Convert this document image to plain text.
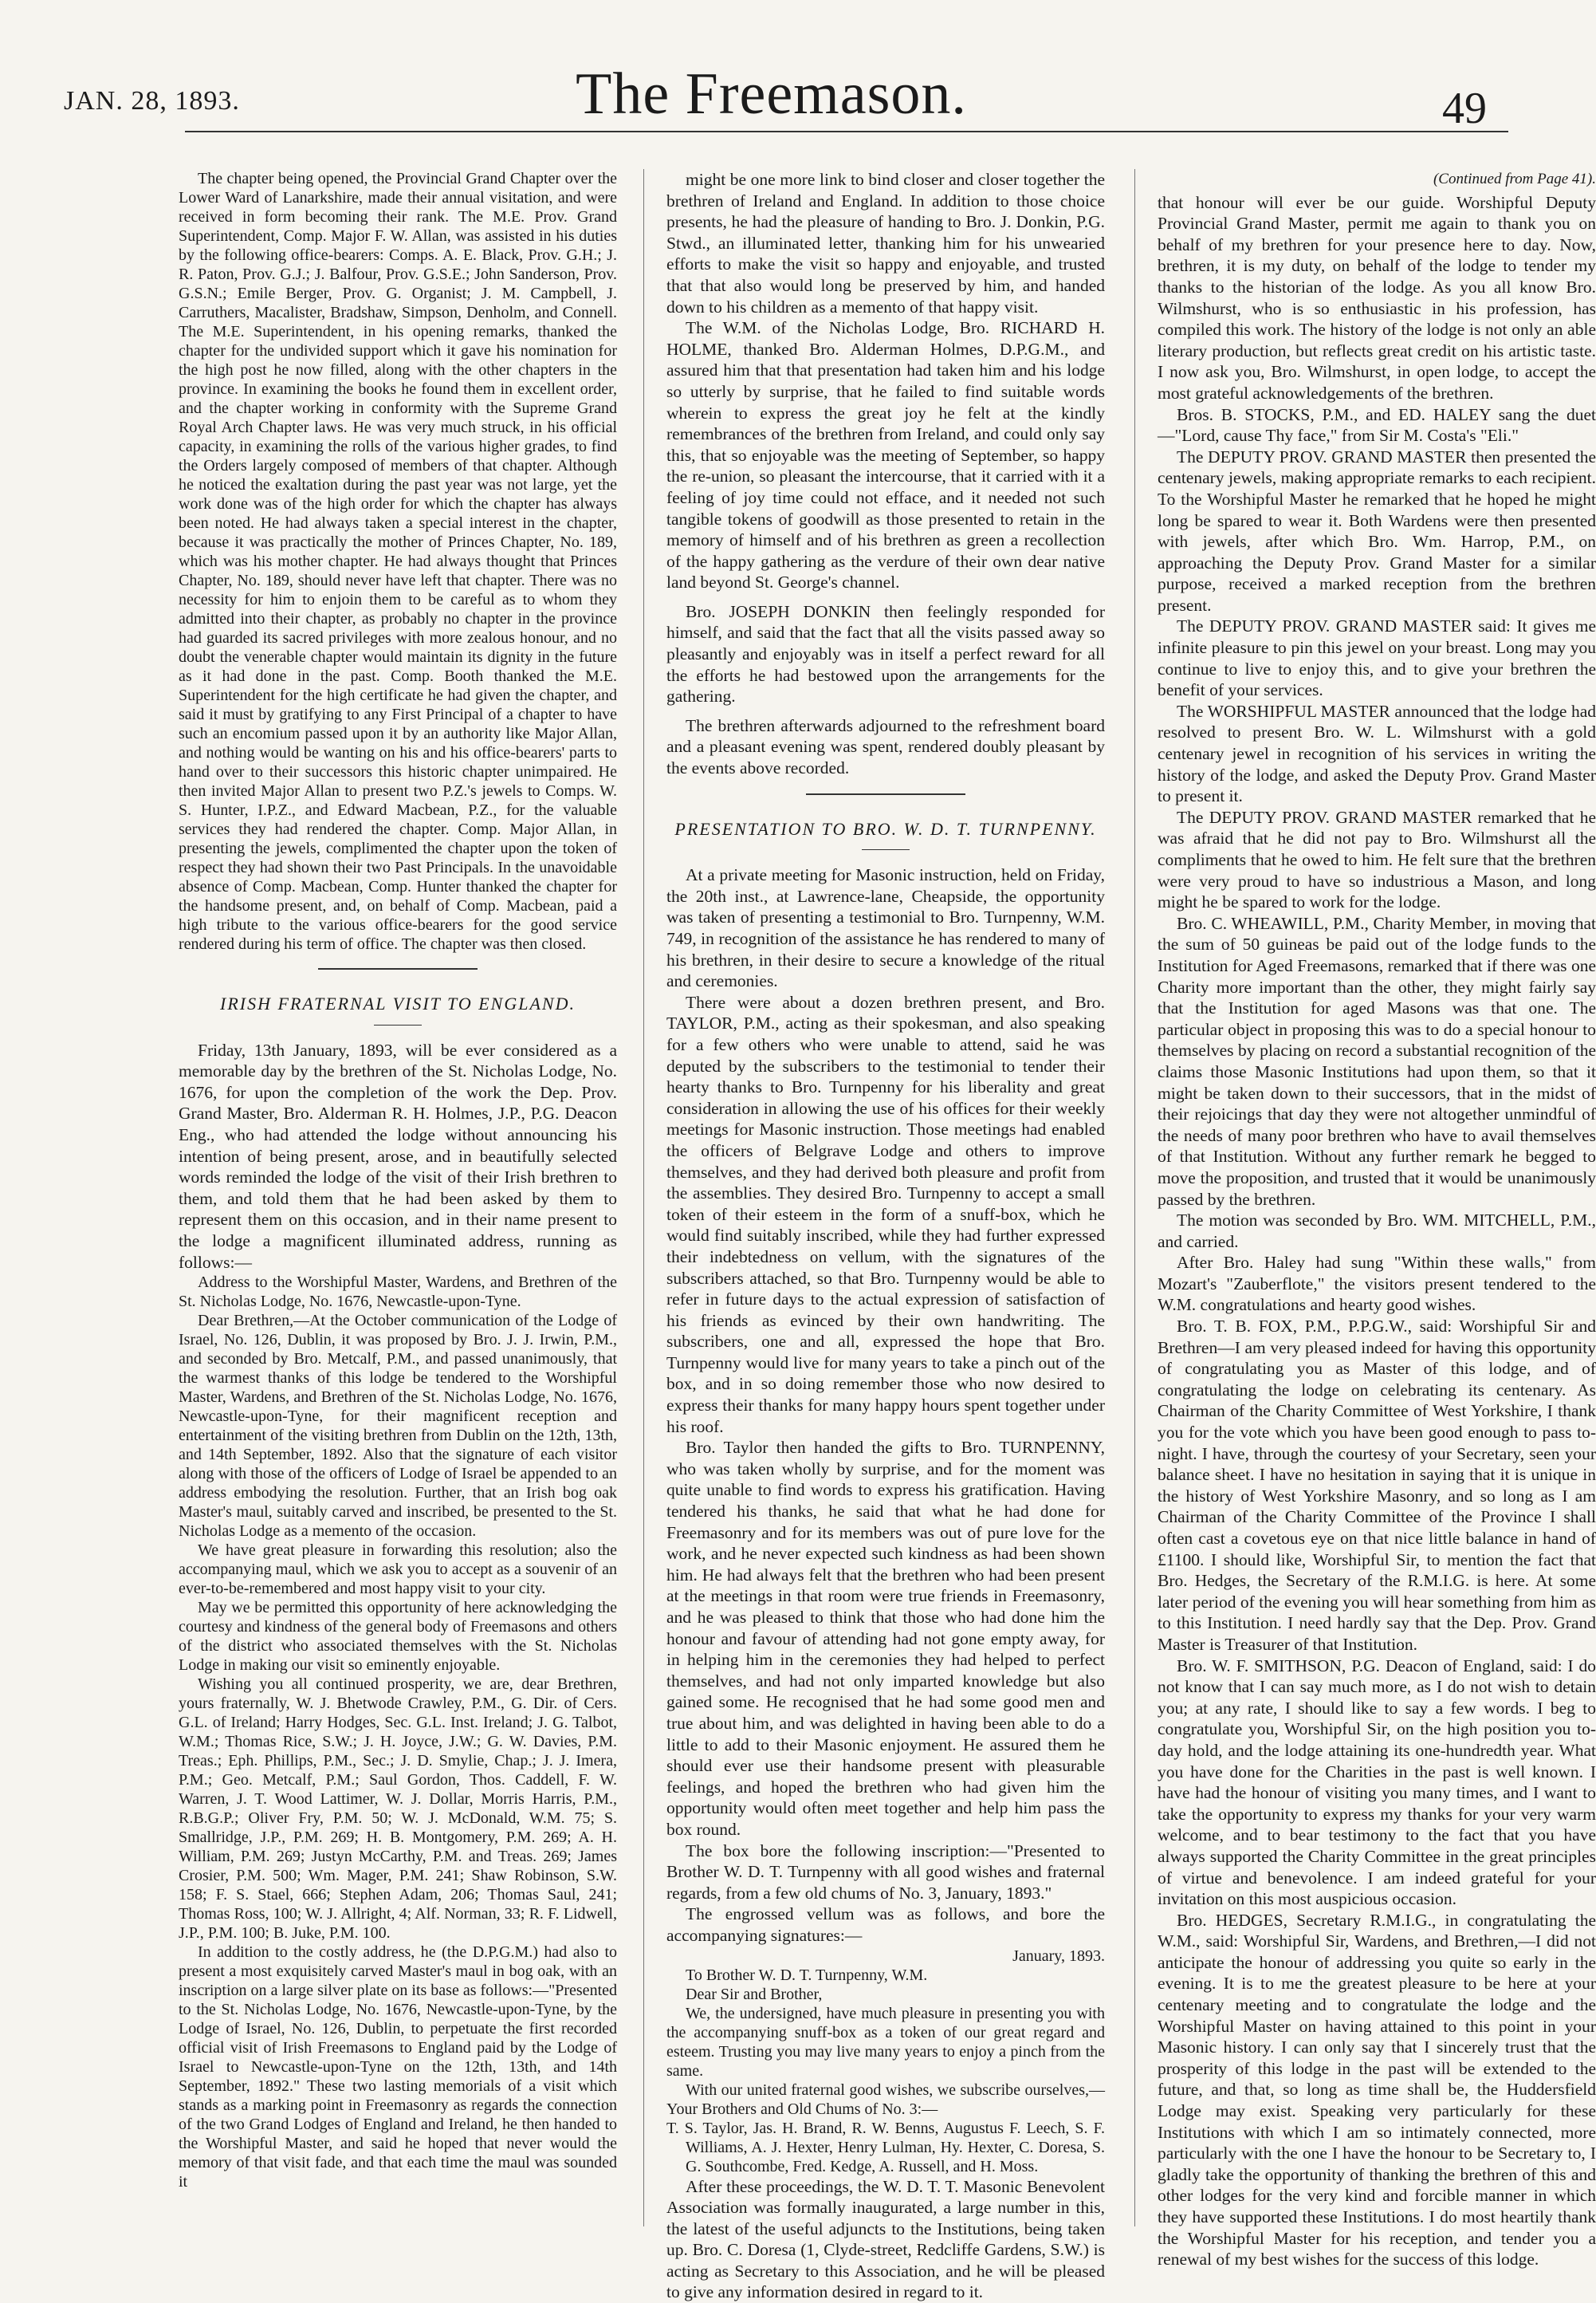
JAN. 28, 1893.	The Freemason.	49

The chapter being opened, the Provincial Grand Chapter over the Lower Ward of Lanarkshire, made their annual visitation, and were received in form becoming their rank. The M.E. Prov. Grand Superintendent, Comp. Major F. W. Allan, was assisted in his duties by the following office-bearers: Comps. A. E. Black, Prov. G.H.; J. R. Paton, Prov. G.J.; J. Balfour, Prov. G.S.E.; John Sanderson, Prov. G.S.N.; Emile Berger, Prov. G. Organist; J. M. Campbell, J. Carruthers, Macalister, Bradshaw, Simpson, Denholm, and Connell. The M.E. Superintendent, in his opening remarks, thanked the chapter for the undivided support which it gave his nomination for the high post he now filled, along with the other chapters in the province. In examining the books he found them in excellent order, and the chapter working in conformity with the Supreme Grand Royal Arch Chapter laws. He was very much struck, in his official capacity, in examining the rolls of the various higher grades, to find the Orders largely composed of members of that chapter. Although he noticed the exaltation during the past year was not large, yet the work done was of the high order for which the chapter has always been noted. He had always taken a special interest in the chapter, because it was practically the mother of Princes Chapter, No. 189, which was his mother chapter. He had always thought that Princes Chapter, No. 189, should never have left that chapter. There was no necessity for him to enjoin them to be careful as to whom they admitted into their chapter, as probably no chapter in the province had guarded its sacred privileges with more zealous honour, and no doubt the venerable chapter would maintain its dignity in the future as it had done in the past. Comp. Booth thanked the M.E. Superintendent for the high certificate he had given the chapter, and said it must by gratifying to any First Principal of a chapter to have such an encomium passed upon it by an authority like Major Allan, and nothing would be wanting on his and his office-bearers' parts to hand over to their successors this historic chapter unimpaired. He then invited Major Allan to present two P.Z.'s jewels to Comps. W. S. Hunter, I.P.Z., and Edward Macbean, P.Z., for the valuable services they had rendered the chapter. Comp. Major Allan, in presenting the jewels, complimented the chapter upon the token of respect they had shown their two Past Principals. In the unavoidable absence of Comp. Macbean, Comp. Hunter thanked the chapter for the handsome present, and, on behalf of Comp. Macbean, paid a high tribute to the various office-bearers for the good service rendered during his term of office. The chapter was then closed.

IRISH FRATERNAL VISIT TO ENGLAND.

Friday, 13th January, 1893, will be ever considered as a memorable day by the brethren of the St. Nicholas Lodge, No. 1676, for upon the completion of the work the Dep. Prov. Grand Master, Bro. Alderman R. H. Holmes, J.P., P.G. Deacon Eng., who had attended the lodge without announcing his intention of being present, arose, and in beautifully selected words reminded the lodge of the visit of their Irish brethren to them, and told them that he had been asked by them to represent them on this occasion, and in their name present to the lodge a magnificent illuminated address, running as follows:—

Address to the Worshipful Master, Wardens, and Brethren of the St. Nicholas Lodge, No. 1676, Newcastle-upon-Tyne.

Dear Brethren,—At the October communication of the Lodge of Israel, No. 126, Dublin, it was proposed by Bro. J. J. Irwin, P.M., and seconded by Bro. Metcalf, P.M., and passed unanimously, that the warmest thanks of this lodge be tendered to the Worshipful Master, Wardens, and Brethren of the St. Nicholas Lodge, No. 1676, Newcastle-upon-Tyne, for their magnificent reception and entertainment of the visiting brethren from Dublin on the 12th, 13th, and 14th September, 1892. Also that the signature of each visitor along with those of the officers of Lodge of Israel be appended to an address embodying the resolution. Further, that an Irish bog oak Master's maul, suitably carved and inscribed, be presented to the St. Nicholas Lodge as a memento of the occasion.

We have great pleasure in forwarding this resolution; also the accompanying maul, which we ask you to accept as a souvenir of an ever-to-be-remembered and most happy visit to your city.

May we be permitted this opportunity of here acknowledging the courtesy and kindness of the general body of Freemasons and others of the district who associated themselves with the St. Nicholas Lodge in making our visit so eminently enjoyable.

Wishing you all continued prosperity, we are, dear Brethren, yours fraternally, W. J. Bhetwode Crawley, P.M., G. Dir. of Cers. G.L. of Ireland; Harry Hodges, Sec. G.L. Inst. Ireland; J. G. Talbot, W.M.; Thomas Rice, S.W.; J. H. Joyce, J.W.; G. W. Davies, P.M. Treas.; Eph. Phillips, P.M., Sec.; J. D. Smylie, Chap.; J. J. Imera, P.M.; Geo. Metcalf, P.M.; Saul Gordon, Thos. Caddell, F. W. Warren, J. T. Wood Lattimer, W. J. Dollar, Morris Harris, P.M., R.B.G.P.; Oliver Fry, P.M. 50; W. J. McDonald, W.M. 75; S. Smallridge, J.P., P.M. 269; H. B. Montgomery, P.M. 269; A. H. William, P.M. 269; Justyn McCarthy, P.M. and Treas. 269; James Crosier, P.M. 500; Wm. Mager, P.M. 241; Shaw Robinson, S.W. 158; F. S. Stael, 666; Stephen Adam, 206; Thomas Saul, 241; Thomas Ross, 100; W. J. Allright, 4; Alf. Norman, 33; R. F. Lidwell, J.P., P.M. 100; B. Juke, P.M. 100.

In addition to the costly address, he (the D.P.G.M.) had also to present a most exquisitely carved Master's maul in bog oak, with an inscription on a large silver plate on its base as follows:—"Presented to the St. Nicholas Lodge, No. 1676, Newcastle-upon-Tyne, by the Lodge of Israel, No. 126, Dublin, to perpetuate the first recorded official visit of Irish Freemasons to England paid by the Lodge of Israel to Newcastle-upon-Tyne on the 12th, 13th, and 14th September, 1892." These two lasting memorials of a visit which stands as a marking point in Freemasonry as regards the connection of the two Grand Lodges of England and Ireland, he then handed to the Worshipful Master, and said he hoped that never would the memory of that visit fade, and that each time the maul was sounded it

might be one more link to bind closer and closer together the brethren of Ireland and England. In addition to those choice presents, he had the pleasure of handing to Bro. J. Donkin, P.G. Stwd., an illuminated letter, thanking him for his unwearied efforts to make the visit so happy and enjoyable, and trusted that that also would long be preserved by him, and handed down to his children as a memento of that happy visit.

The W.M. of the Nicholas Lodge, Bro. RICHARD H. HOLME, thanked Bro. Alderman Holmes, D.P.G.M., and assured him that that presentation had taken him and his lodge so utterly by surprise, that he failed to find suitable words wherein to express the great joy he felt at the kindly remembrances of the brethren from Ireland, and could only say this, that so enjoyable was the meeting of September, so happy the re-union, so pleasant the intercourse, that it carried with it a feeling of joy time could not efface, and it needed not such tangible tokens of goodwill as those presented to retain in the memory of himself and of his brethren as green a recollection of the happy gathering as the verdure of their own dear native land beyond St. George's channel.

Bro. JOSEPH DONKIN then feelingly responded for himself, and said that the fact that all the visits passed away so pleasantly and enjoyably was in itself a perfect reward for all the efforts he had bestowed upon the arrangements for the gathering.

The brethren afterwards adjourned to the refreshment board and a pleasant evening was spent, rendered doubly pleasant by the events above recorded.

PRESENTATION TO BRO. W. D. T. TURNPENNY.

At a private meeting for Masonic instruction, held on Friday, the 20th inst., at Lawrence-lane, Cheapside, the opportunity was taken of presenting a testimonial to Bro. Turnpenny, W.M. 749, in recognition of the assistance he has rendered to many of his brethren, in their desire to secure a knowledge of the ritual and ceremonies.

There were about a dozen brethren present, and Bro. TAYLOR, P.M., acting as their spokesman, and also speaking for a few others who were unable to attend, said he was deputed by the subscribers to the testimonial to tender their hearty thanks to Bro. Turnpenny for his liberality and great consideration in allowing the use of his offices for their weekly meetings for Masonic instruction. Those meetings had enabled the officers of Belgrave Lodge and others to improve themselves, and they had derived both pleasure and profit from the assemblies. They desired Bro. Turnpenny to accept a small token of their esteem in the form of a snuff-box, which he would find suitably inscribed, while they had further expressed their indebtedness on vellum, with the signatures of the subscribers attached, so that Bro. Turnpenny would be able to refer in future days to the actual expression of satisfaction of his friends as evinced by their own handwriting. The subscribers, one and all, expressed the hope that Bro. Turnpenny would live for many years to take a pinch out of the box, and in so doing remember those who now desired to express their thanks for many happy hours spent together under his roof.

Bro. Taylor then handed the gifts to Bro. TURNPENNY, who was taken wholly by surprise, and for the moment was quite unable to find words to express his gratification. Having tendered his thanks, he said that what he had done for Freemasonry and for its members was out of pure love for the work, and he never expected such kindness as had been shown him. He had always felt that the brethren who had been present at the meetings in that room were true friends in Freemasonry, and he was pleased to think that those who had done him the honour and favour of attending had not gone empty away, for in helping him in the ceremonies they had helped to perfect themselves, and had not only imparted knowledge but also gained some. He recognised that he had some good men and true about him, and was delighted in having been able to do a little to add to their Masonic enjoyment. He assured them he should ever use their handsome present with pleasurable feelings, and hoped the brethren who had given him the opportunity would often meet together and help him pass the box round.

The box bore the following inscription:—"Presented to Brother W. D. T. Turnpenny with all good wishes and fraternal regards, from a few old chums of No. 3, January, 1893."

The engrossed vellum was as follows, and bore the accompanying signatures:—

January, 1893.

To Brother W. D. T. Turnpenny, W.M.

Dear Sir and Brother,

We, the undersigned, have much pleasure in presenting you with the accompanying snuff-box as a token of our great regard and esteem. Trusting you may live many years to enjoy a pinch from the same.

With our united fraternal good wishes, we subscribe ourselves,—Your Brothers and Old Chums of No. 3:—

T. S. Taylor, Jas. H. Brand, R. W. Benns, Augustus F. Leech, S. F. Williams, A. J. Hexter, Henry Lulman, Hy. Hexter, C. Doresa, S. G. Southcombe, Fred. Kedge, A. Russell, and H. Moss.

After these proceedings, the W. D. T. T. Masonic Benevolent Association was formally inaugurated, a large number in this, the latest of the useful adjuncts to the Institutions, being taken up. Bro. C. Doresa (1, Clyde-street, Redcliffe Gardens, S.W.) is acting as Secretary to this Association, and he will be pleased to give any information desired in regard to it.

(Continued from Page 41).

that honour will ever be our guide. Worshipful Deputy Provincial Grand Master, permit me again to thank you on behalf of my brethren for your presence here to day. Now, brethren, it is my duty, on behalf of the lodge to tender my thanks to the historian of the lodge. As you all know Bro. Wilmshurst, who is so enthusiastic in his profession, has compiled this work. The history of the lodge is not only an able literary production, but reflects great credit on his artistic taste. I now ask you, Bro. Wilmshurst, in open lodge, to accept the most grateful acknowledgements of the brethren.

Bros. B. STOCKS, P.M., and ED. HALEY sang the duet —"Lord, cause Thy face," from Sir M. Costa's "Eli."

The DEPUTY PROV. GRAND MASTER then presented the centenary jewels, making appropriate remarks to each recipient. To the Worshipful Master he remarked that he hoped he might long be spared to wear it. Both Wardens were then presented with jewels, after which Bro. Wm. Harrop, P.M., on approaching the Deputy Prov. Grand Master for a similar purpose, received a marked reception from the brethren present.

The DEPUTY PROV. GRAND MASTER said: It gives me infinite pleasure to pin this jewel on your breast. Long may you continue to live to enjoy this, and to give your brethren the benefit of your services.

The WORSHIPFUL MASTER announced that the lodge had resolved to present Bro. W. L. Wilmshurst with a gold centenary jewel in recognition of his services in writing the history of the lodge, and asked the Deputy Prov. Grand Master to present it.

The DEPUTY PROV. GRAND MASTER remarked that he was afraid that he did not pay to Bro. Wilmshurst all the compliments that he owed to him. He felt sure that the brethren were very proud to have so industrious a Mason, and long might he be spared to work for the lodge.

Bro. C. WHEAWILL, P.M., Charity Member, in moving that the sum of 50 guineas be paid out of the lodge funds to the Institution for Aged Freemasons, remarked that if there was one Charity more important than the other, they might fairly say that the Institution for aged Masons was that one. The particular object in proposing this was to do a special honour to themselves by placing on record a substantial recognition of the claims those Masonic Institutions had upon them, so that it might be taken down to their successors, that in the midst of their rejoicings that day they were not altogether unmindful of the needs of many poor brethren who have to avail themselves of that Institution. Without any further remark he begged to move the proposition, and trusted that it would be unanimously passed by the brethren.

The motion was seconded by Bro. WM. MITCHELL, P.M., and carried.

After Bro. Haley had sung "Within these walls," from Mozart's "Zauberflote," the visitors present tendered to the W.M. congratulations and hearty good wishes.

Bro. T. B. FOX, P.M., P.P.G.W., said: Worshipful Sir and Brethren—I am very pleased indeed for having this opportunity of congratulating you as Master of this lodge, and of congratulating the lodge on celebrating its centenary. As Chairman of the Charity Committee of West Yorkshire, I thank you for the vote which you have been good enough to pass to-night. I have, through the courtesy of your Secretary, seen your balance sheet. I have no hesitation in saying that it is unique in the history of West Yorkshire Masonry, and so long as I am Chairman of the Charity Committee of the Province I shall often cast a covetous eye on that nice little balance in hand of £1100. I should like, Worshipful Sir, to mention the fact that Bro. Hedges, the Secretary of the R.M.I.G. is here. At some later period of the evening you will hear something from him as to this Institution. I need hardly say that the Dep. Prov. Grand Master is Treasurer of that Institution.

Bro. W. F. SMITHSON, P.G. Deacon of England, said: I do not know that I can say much more, as I do not wish to detain you; at any rate, I should like to say a few words. I beg to congratulate you, Worshipful Sir, on the high position you to-day hold, and the lodge attaining its one-hundredth year. What you have done for the Charities in the past is well known. I have had the honour of visiting you many times, and I want to take the opportunity to express my thanks for your very warm welcome, and to bear testimony to the fact that you have always supported the Charity Committee in the great principles of virtue and benevolence. I am indeed grateful for your invitation on this most auspicious occasion.

Bro. HEDGES, Secretary R.M.I.G., in congratulating the W.M., said: Worshipful Sir, Wardens, and Brethren,—I did not anticipate the honour of addressing you quite so early in the evening. It is to me the greatest pleasure to be here at your centenary meeting and to congratulate the lodge and the Worshipful Master on having attained to this point in your Masonic history. I can only say that I sincerely trust that the prosperity of this lodge in the past will be extended to the future, and that, so long as time shall be, the Huddersfield Lodge may exist. Speaking very particularly for these Institutions with which I am so intimately connected, more particularly with the one I have the honour to be Secretary to, I gladly take the opportunity of thanking the brethren of this and other lodges for the very kind and forcible manner in which they have supported these Institutions. I do most heartily thank the Worshipful Master for his reception, and tender you a renewal of my best wishes for the success of this lodge.
